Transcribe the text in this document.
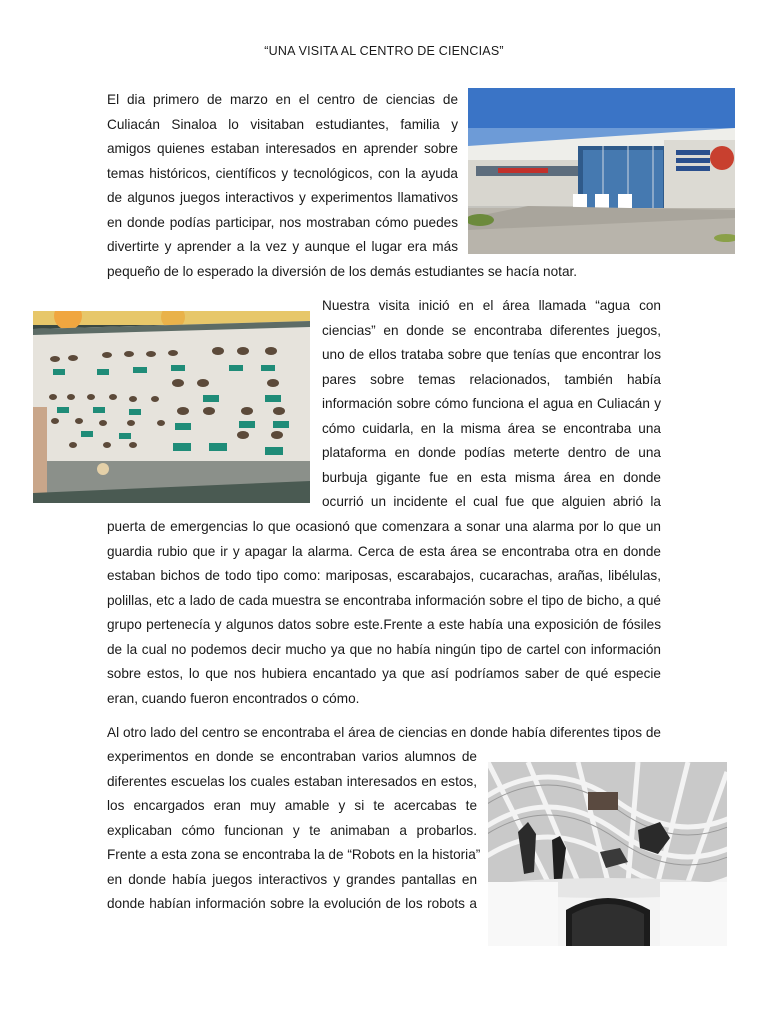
“UNA VISITA AL CENTRO DE CIENCIAS”

El dia primero de marzo en el centro de ciencias de
Culiacán Sinaloa lo visitaban estudiantes, familia y
amigos quienes estaban interesados en aprender sobre
temas históricos, científicos y tecnológicos, con la ayuda
de algunos juegos interactivos y experimentos llamativos
en donde podías participar, nos mostraban cómo puedes
divertirte y aprender a la vez y aunque el lugar era más
pequeño de lo esperado la diversión de los demás estudiantes se hacía notar.

Nuestra visita inició en el área llamada “agua con
ciencias” en donde se encontraba diferentes juegos,
uno de ellos trataba sobre que tenías que encontrar los
pares sobre temas relacionados, también había
información sobre cómo funciona el agua en Culiacán y
cómo cuidarla, en la misma área se encontraba una
plataforma en donde podías meterte dentro de una
burbuja gigante fue en esta misma área en donde
ocurrió un incidente el cual fue que alguien abrió la

puerta de emergencias lo que ocasionó que comenzara a sonar una alarma por lo que un
guardia rubio que ir y apagar la alarma. Cerca de esta área se encontraba otra en donde
estaban bichos de todo tipo como: mariposas, escarabajos, cucarachas, arañas, libélulas,
polillas, etc a lado de cada muestra se encontraba información sobre el tipo de bicho, a qué
grupo pertenecía y algunos datos sobre este.Frente a este había una exposición de fósiles
de la cual no podemos decir mucho ya que no había ningún tipo de cartel con información
sobre estos, lo que nos hubiera encantado ya que así podríamos saber de qué especie
eran, cuando fueron encontrados o cómo.

Al otro lado del centro se encontraba el área de ciencias en donde había diferentes tipos de

experimentos en donde se encontraban varios alumnos de
diferentes escuelas los cuales estaban interesados en estos,
los encargados eran muy amable y si te acercabas te
explicaban cómo funcionan y te animaban a probarlos.
Frente a esta zona se encontraba la de “Robots en la historia”
en donde había juegos interactivos y grandes pantallas en
donde habían información sobre la evolución de los robots a
